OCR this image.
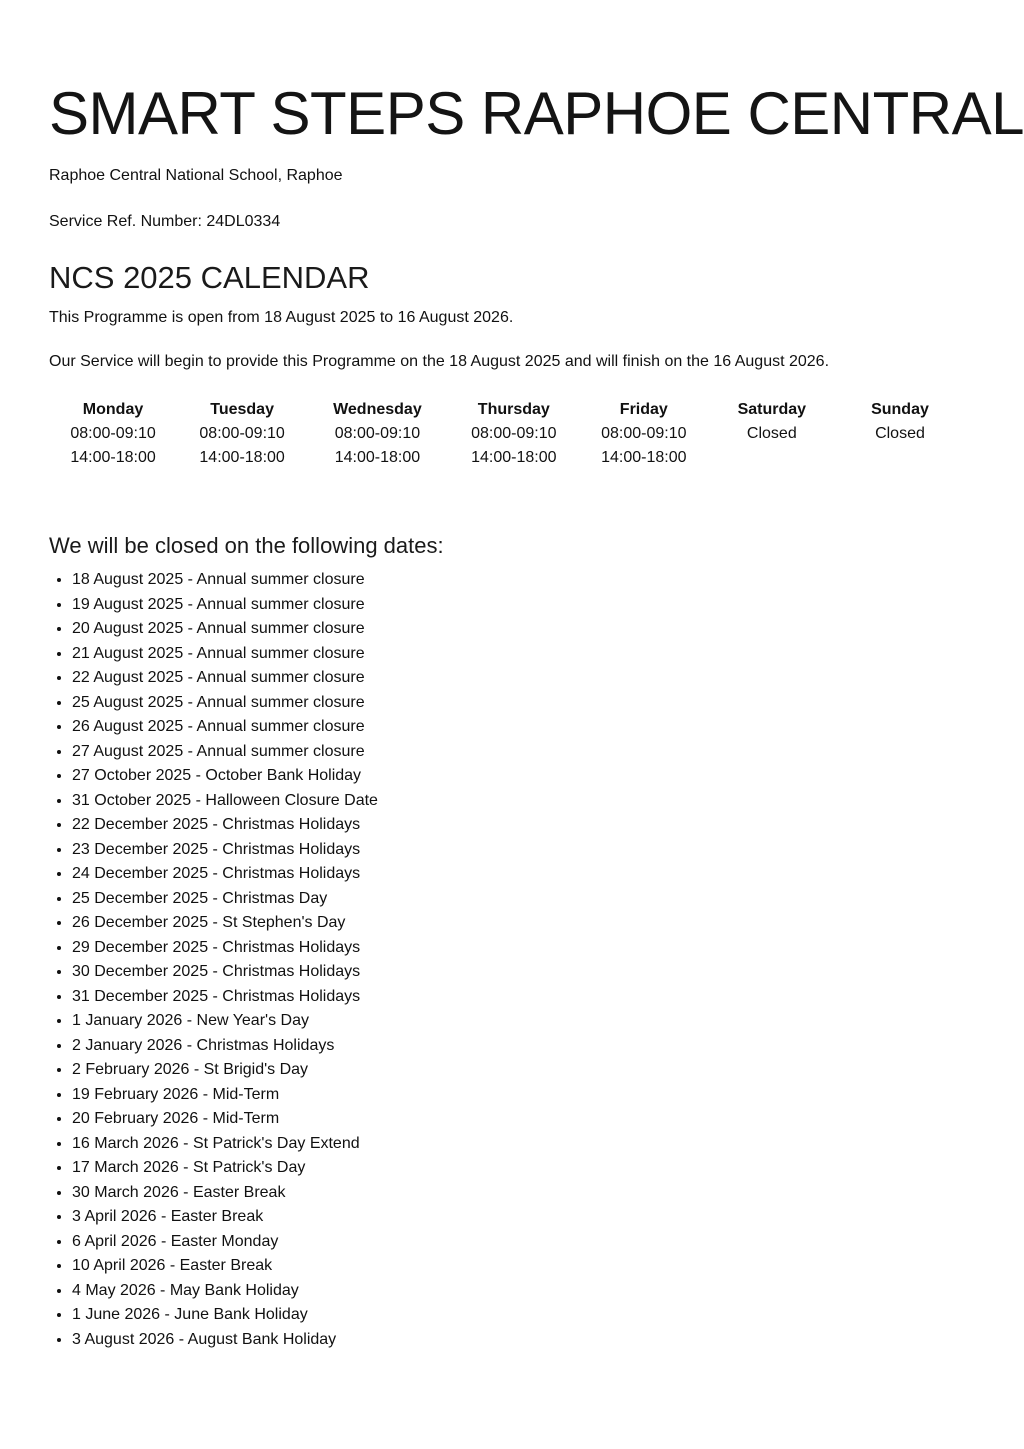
SMART STEPS RAPHOE CENTRAL

Raphoe Central National School, Raphoe

Service Ref. Number: 24DL0334

NCS 2025 CALENDAR

This Programme is open from 18 August 2025 to 16 August 2026.

Our Service will begin to provide this Programme on the 18 August 2025 and will finish on the 16 August 2026.

Monday	Tuesday	Wednesday	Thursday	Friday	Saturday	Sunday
08:00-09:10	08:00-09:10	08:00-09:10	08:00-09:10	08:00-09:10	Closed	Closed
14:00-18:00	14:00-18:00	14:00-18:00	14:00-18:00	14:00-18:00		
We will be closed on the following dates:
• 18 August 2025 - Annual summer closure
• 19 August 2025 - Annual summer closure
• 20 August 2025 - Annual summer closure
• 21 August 2025 - Annual summer closure
• 22 August 2025 - Annual summer closure
• 25 August 2025 - Annual summer closure
• 26 August 2025 - Annual summer closure
• 27 August 2025 - Annual summer closure
• 27 October 2025 - October Bank Holiday
• 31 October 2025 - Halloween Closure Date
• 22 December 2025 - Christmas Holidays
• 23 December 2025 - Christmas Holidays
• 24 December 2025 - Christmas Holidays
• 25 December 2025 - Christmas Day
• 26 December 2025 - St Stephen's Day
• 29 December 2025 - Christmas Holidays
• 30 December 2025 - Christmas Holidays
• 31 December 2025 - Christmas Holidays
• 1 January 2026 - New Year's Day
• 2 January 2026 - Christmas Holidays
• 2 February 2026 - St Brigid's Day
• 19 February 2026 - Mid-Term
• 20 February 2026 - Mid-Term
• 16 March 2026 - St Patrick's Day Extend
• 17 March 2026 - St Patrick's Day
• 30 March 2026 - Easter Break
• 3 April 2026 - Easter Break
• 6 April 2026 - Easter Monday
• 10 April 2026 - Easter Break
• 4 May 2026 - May Bank Holiday
• 1 June 2026 - June Bank Holiday
• 3 August 2026 - August Bank Holiday
